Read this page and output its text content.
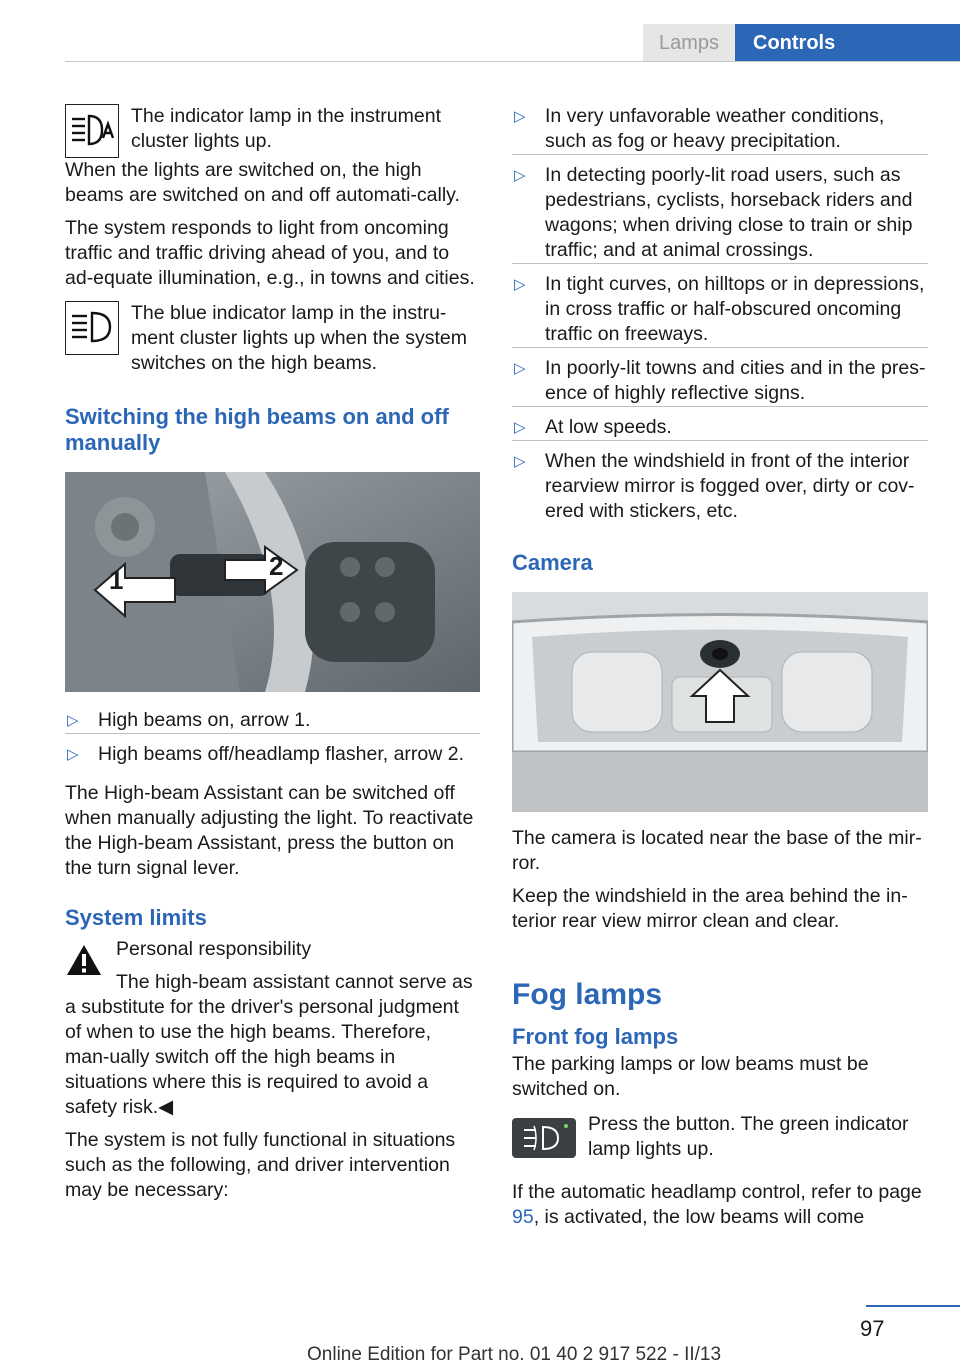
Lamps	Controls
The indicator lamp in the instrument cluster lights up.

When the lights are switched on, the high beams are switched on and off automati‐cally.

The system responds to light from oncoming traffic and traffic driving ahead of you, and to ad‐equate illumination, e.g., in towns and cities.

The blue indicator lamp in the instru‐ment cluster lights up when the system switches on the high beams.
Switching the high beams on and off manually
1	2
▷ High beams on, arrow 1.
▷ High beams off/headlamp flasher, arrow 2.

The High-beam Assistant can be switched off when manually adjusting the light. To reactivate the High-beam Assistant, press the button on the turn signal lever.

System limits

Personal responsibility

The high-beam assistant cannot serve as a substitute for the driver's personal judgment of when to use the high beams. Therefore, man‐ually switch off the high beams in situations where this is required to avoid a safety risk.◀

The system is not fully functional in situations such as the following, and driver intervention may be necessary:

▷ In very unfavorable weather conditions, such as fog or heavy precipitation.
▷ In detecting poorly-lit road users, such as pedestrians, cyclists, horseback riders and wagons; when driving close to train or ship traffic; and at animal crossings.
▷ In tight curves, on hilltops or in depressions, in cross traffic or half-obscured oncoming traffic on freeways.
▷ In poorly-lit towns and cities and in the pres‐ence of highly reflective signs.
▷ At low speeds.
▷ When the windshield in front of the interior rearview mirror is fogged over, dirty or cov‐ered with stickers, etc.
Camera

The camera is located near the base of the mir‐ror.

Keep the windshield in the area behind the in‐terior rear view mirror clean and clear.

Fog lamps
Front fog lamps

The parking lamps or low beams must be switched on.

Press the button. The green indicator lamp lights up.

If the automatic headlamp control, refer to page 95, is activated, the low beams will come

97
Online Edition for Part no. 01 40 2 917 522 - II/13
